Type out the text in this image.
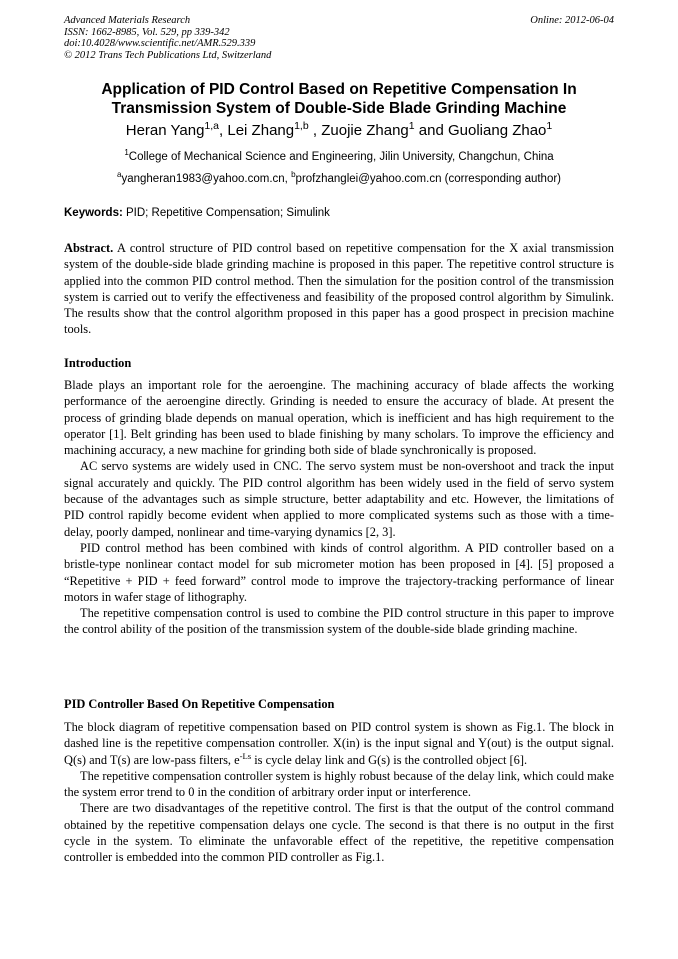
Advanced Materials Research
ISSN: 1662-8985, Vol. 529, pp 339-342
doi:10.4028/www.scientific.net/AMR.529.339
© 2012 Trans Tech Publications Ltd, Switzerland
Online: 2012-06-04
Application of PID Control Based on Repetitive Compensation In
Transmission System of Double-Side Blade Grinding Machine
Heran Yang$^{1,a}$, Lei Zhang$^{1,b}$ , Zuojie Zhang$^1$ and Guoliang Zhao$^1$
$^1$College of Mechanical Science and Engineering, Jilin University, Changchun, China
$^a$yangheran1983@yahoo.com.cn, $^b$profzhanglei@yahoo.com.cn (corresponding author)
Keywords: PID; Repetitive Compensation; Simulink

Abstract. A control structure of PID control based on repetitive compensation for the X axial transmission system of the double-side blade grinding machine is proposed in this paper. The repetitive control structure is applied into the common PID control method. Then the simulation for the position control of the transmission system is carried out to verify the effectiveness and feasibility of the proposed control algorithm by Simulink. The results show that the control algorithm proposed in this paper has a good prospect in precision machine tools.

Introduction

Blade plays an important role for the aeroengine. The machining accuracy of blade affects the working performance of the aeroengine directly. Grinding is needed to ensure the accuracy of blade. At present the process of grinding blade depends on manual operation, which is inefficient and has high requirement to the operator [1]. Belt grinding has been used to blade finishing by many scholars. To improve the efficiency and machining accuracy, a new machine for grinding both side of blade synchronically is proposed.

AC servo systems are widely used in CNC. The servo system must be non-overshoot and track the input signal accurately and quickly. The PID control algorithm has been widely used in the field of servo system because of the advantages such as simple structure, better adaptability and etc. However, the limitations of PID control rapidly become evident when applied to more complicated systems such as those with a time-delay, poorly damped, nonlinear and time-varying dynamics [2, 3].

PID control method has been combined with kinds of control algorithm. A PID controller based on a bristle-type nonlinear contact model for sub micrometer motion has been proposed in [4]. [5] proposed a “Repetitive + PID + feed forward” control mode to improve the trajectory-tracking performance of linear motors in wafer stage of lithography.

The repetitive compensation control is used to combine the PID control structure in this paper to improve the control ability of the position of the transmission system of the double-side blade grinding machine.

PID Controller Based On Repetitive Compensation

The block diagram of repetitive compensation based on PID control system is shown as Fig.1. The block in dashed line is the repetitive compensation controller. X(in) is the input signal and Y(out) is the output signal. Q(s) and T(s) are low-pass filters, $e^{-Ls}$ is cycle delay link and G(s) is the controlled object [6].

The repetitive compensation controller system is highly robust because of the delay link, which could make the system error trend to 0 in the condition of arbitrary order input or interference.

There are two disadvantages of the repetitive control. The first is that the output of the control command obtained by the repetitive compensation delays one cycle. The second is that there is no output in the first cycle in the system. To eliminate the unfavorable effect of the repetitive, the repetitive compensation controller is embedded into the common PID controller as Fig.1.
